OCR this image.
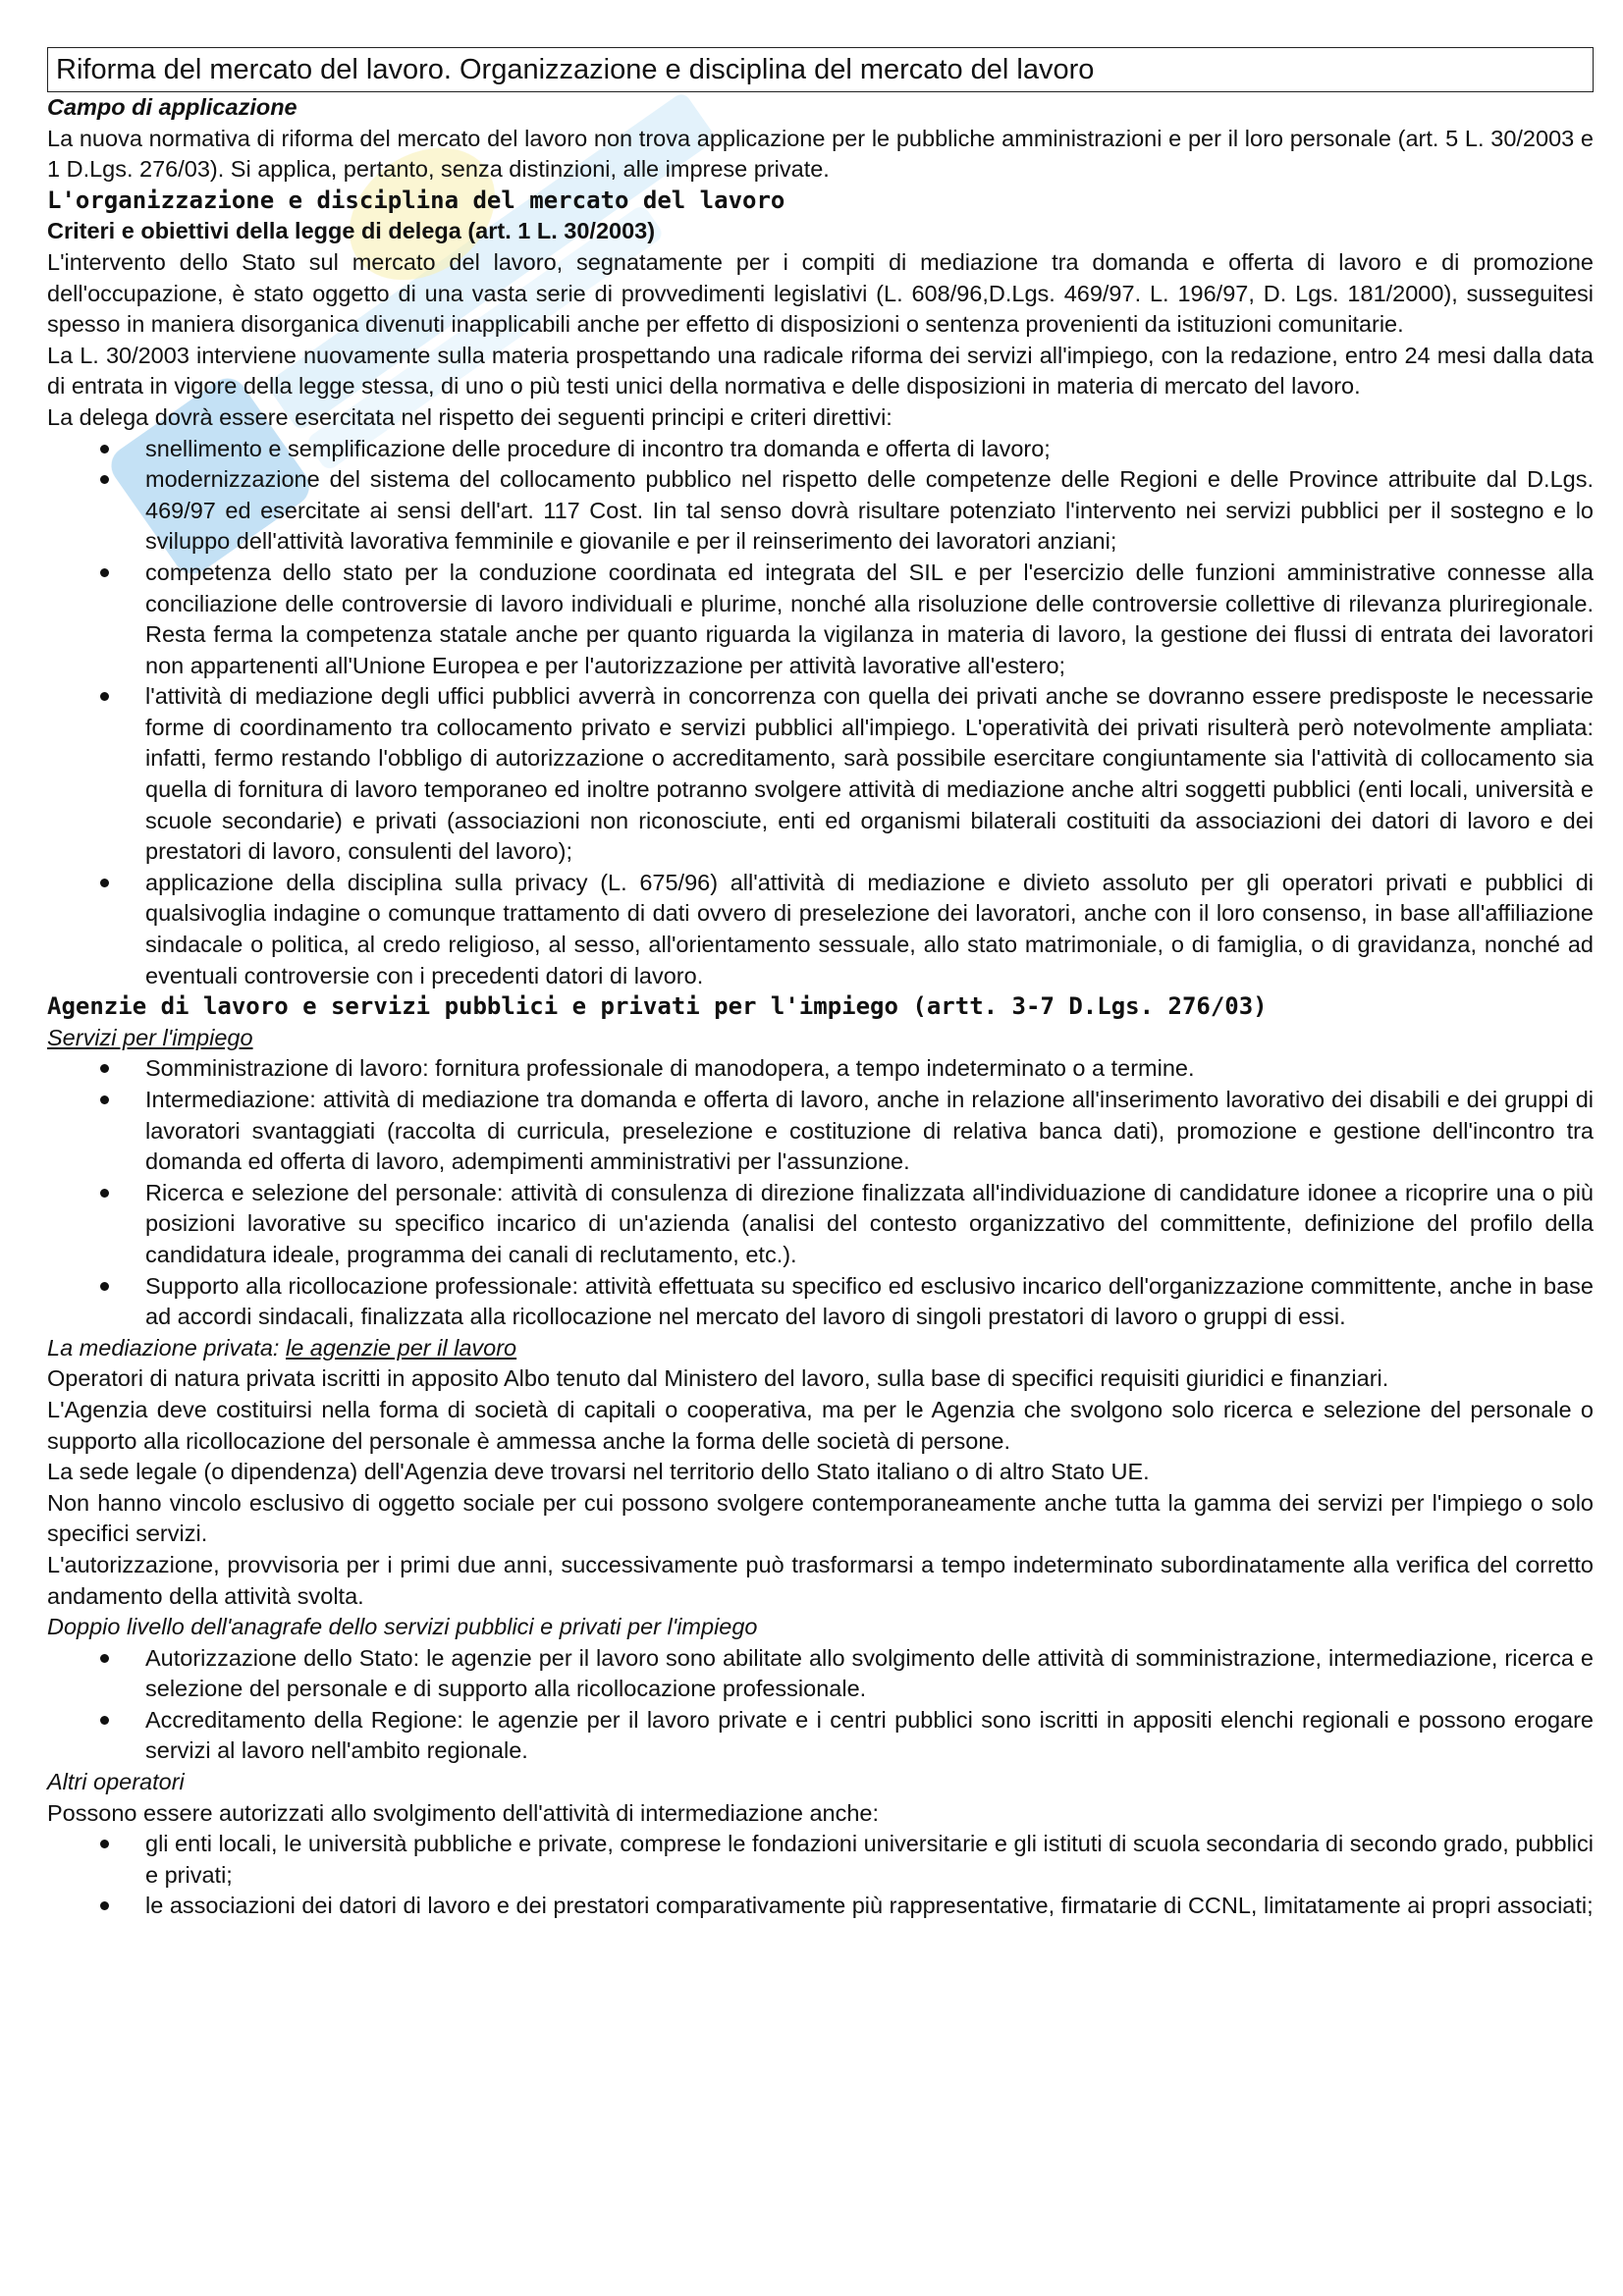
Riforma del mercato del lavoro. Organizzazione e disciplina del mercato del lavoro

Campo di applicazione

La nuova normativa di riforma del mercato del lavoro non trova applicazione per le pubbliche amministrazioni e per il loro personale (art. 5 L. 30/2003 e 1 D.Lgs. 276/03). Si applica, pertanto, senza distinzioni, alle imprese private.

L'organizzazione e disciplina del mercato del lavoro

Criteri e obiettivi della legge di delega (art. 1 L. 30/2003)

L'intervento dello Stato sul mercato del lavoro, segnatamente per i compiti di mediazione tra domanda e offerta di lavoro e di promozione dell'occupazione, è stato oggetto di una vasta serie di provvedimenti legislativi (L. 608/96,D.Lgs. 469/97. L. 196/97, D. Lgs. 181/2000), susseguitesi spesso in maniera disorganica divenuti inapplicabili anche per effetto di disposizioni o sentenza provenienti da istituzioni comunitarie.

La L. 30/2003 interviene nuovamente sulla materia prospettando una radicale riforma dei servizi all'impiego, con la redazione, entro 24 mesi dalla data di entrata in vigore della legge stessa, di uno o più testi unici della normativa e delle disposizioni in materia di mercato del lavoro.

La delega dovrà essere esercitata nel rispetto dei seguenti principi e criteri direttivi:

snellimento e semplificazione delle procedure di incontro tra domanda e offerta di lavoro;
modernizzazione del sistema del collocamento pubblico nel rispetto delle competenze delle Regioni e delle Province attribuite dal D.Lgs. 469/97 ed esercitate ai sensi dell'art. 117 Cost. Iin tal senso dovrà risultare potenziato l'intervento nei servizi pubblici per il sostegno e lo sviluppo dell'attività lavorativa femminile e giovanile e per il reinserimento dei lavoratori anziani;
competenza dello stato per la conduzione coordinata ed integrata del SIL e per l'esercizio delle funzioni amministrative connesse alla conciliazione delle controversie di lavoro individuali e plurime, nonché alla risoluzione delle controversie collettive di rilevanza pluriregionale. Resta ferma la competenza statale anche per quanto riguarda la vigilanza in materia di lavoro, la gestione dei flussi di entrata dei lavoratori non appartenenti all'Unione Europea e per l'autorizzazione per attività lavorative all'estero;
l'attività di mediazione degli uffici pubblici avverrà in concorrenza con quella dei privati anche se dovranno essere predisposte le necessarie forme di coordinamento tra collocamento privato e servizi pubblici all'impiego. L'operatività dei privati risulterà però notevolmente ampliata: infatti, fermo restando l'obbligo di autorizzazione o accreditamento, sarà possibile esercitare congiuntamente sia l'attività di collocamento sia quella di fornitura di lavoro temporaneo ed inoltre potranno svolgere attività di mediazione anche altri soggetti pubblici (enti locali, università e scuole secondarie) e privati (associazioni non riconosciute, enti ed organismi bilaterali costituiti da associazioni dei datori di lavoro e dei prestatori di lavoro, consulenti del lavoro);
applicazione della disciplina sulla privacy (L. 675/96) all'attività di mediazione e divieto assoluto per gli operatori privati e pubblici di qualsivoglia indagine o comunque trattamento di dati ovvero di preselezione dei lavoratori, anche con il loro consenso, in base all'affiliazione sindacale o politica, al credo religioso, al sesso, all'orientamento sessuale, allo stato matrimoniale, o di famiglia, o di gravidanza, nonché ad eventuali controversie con i precedenti datori di lavoro.

Agenzie di lavoro e servizi pubblici e privati per l'impiego (artt. 3-7 D.Lgs. 276/03)

Servizi per l'impiego

Somministrazione di lavoro: fornitura professionale di manodopera, a tempo indeterminato o a termine.
Intermediazione: attività di mediazione tra domanda e offerta di lavoro, anche in relazione all'inserimento lavorativo dei disabili e dei gruppi di lavoratori svantaggiati (raccolta di curricula, preselezione e costituzione di relativa banca dati), promozione e gestione dell'incontro tra domanda ed offerta di lavoro, adempimenti amministrativi per l'assunzione.
Ricerca e selezione del personale: attività di consulenza di direzione finalizzata all'individuazione di candidature idonee a ricoprire una o più posizioni lavorative su specifico incarico di un'azienda (analisi del contesto organizzativo del committente, definizione del profilo della candidatura ideale, programma dei canali di reclutamento, etc.).
Supporto alla ricollocazione professionale: attività effettuata su specifico ed esclusivo incarico dell'organizzazione committente, anche in base ad accordi sindacali, finalizzata alla ricollocazione nel mercato del lavoro di singoli prestatori di lavoro o gruppi di essi.

La mediazione privata: le agenzie per il lavoro

Operatori di natura privata iscritti in apposito Albo tenuto dal Ministero del lavoro, sulla base di specifici requisiti giuridici e finanziari.

L'Agenzia deve costituirsi nella forma di società di capitali o cooperativa, ma per le Agenzia che svolgono solo ricerca e selezione del personale o supporto alla ricollocazione del personale è ammessa anche la forma delle società di persone.

La sede legale (o dipendenza) dell'Agenzia deve trovarsi nel territorio dello Stato italiano o di altro Stato UE.

Non hanno vincolo esclusivo di oggetto sociale per cui possono svolgere contemporaneamente anche tutta la gamma dei servizi per l'impiego o solo specifici servizi.

L'autorizzazione, provvisoria per i primi due anni, successivamente può trasformarsi a tempo indeterminato subordinatamente alla verifica del corretto andamento della attività svolta.

Doppio livello dell'anagrafe dello servizi pubblici e privati per l'impiego

Autorizzazione dello Stato: le agenzie per il lavoro sono abilitate allo svolgimento delle attività di somministrazione, intermediazione, ricerca e selezione del personale e di supporto alla ricollocazione professionale.
Accreditamento della Regione: le agenzie per il lavoro private e i centri pubblici sono iscritti in appositi elenchi regionali e possono erogare servizi al lavoro nell'ambito regionale.

Altri operatori

Possono essere autorizzati allo svolgimento dell'attività di intermediazione anche:

gli enti locali, le università pubbliche e private, comprese le fondazioni universitarie e gli istituti di scuola secondaria di secondo grado, pubblici e privati;
le associazioni dei datori di lavoro e dei prestatori comparativamente più rappresentative, firmatarie di CCNL, limitatamente ai propri associati;
